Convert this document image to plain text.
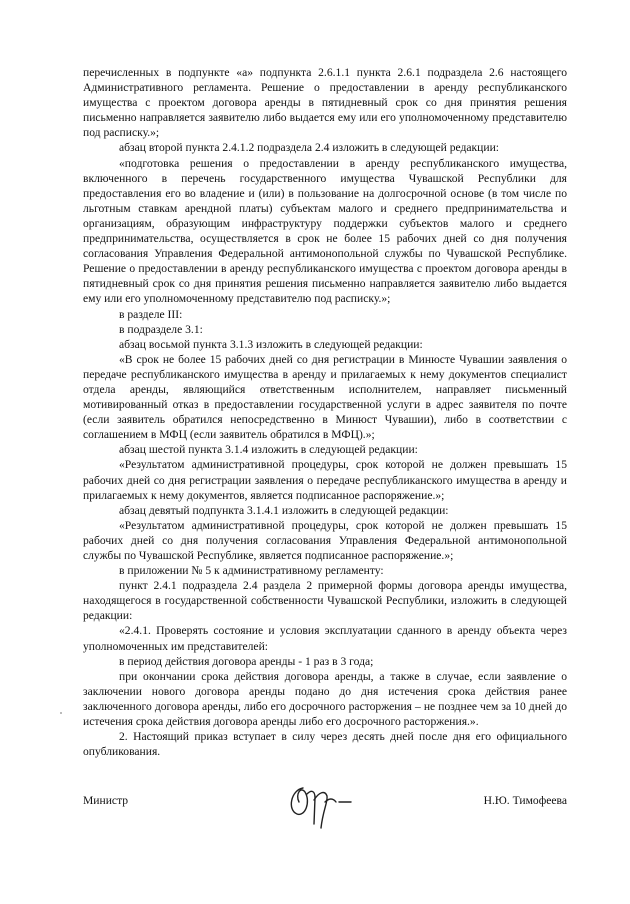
перечисленных в подпункте «а» подпункта 2.6.1.1 пункта 2.6.1 подраздела 2.6 настоящего Административного регламента. Решение о предоставлении в аренду республиканского имущества с проектом договора аренды в пятидневный срок со дня принятия решения письменно направляется заявителю либо выдается ему или его уполномоченному представителю под расписку.»;

абзац второй пункта 2.4.1.2 подраздела 2.4 изложить в следующей редакции:

«подготовка решения о предоставлении в аренду республиканского имущества, включенного в перечень государственного имущества Чувашской Республики для предоставления его во владение и (или) в пользование на долгосрочной основе (в том числе по льготным ставкам арендной платы) субъектам малого и среднего предпринимательства и организациям, образующим инфраструктуру поддержки субъектов малого и среднего предпринимательства, осуществляется в срок не более 15 рабочих дней со дня получения согласования Управления Федеральной антимонопольной службы по Чувашской Республике. Решение о предоставлении в аренду республиканского имущества с проектом договора аренды в пятидневный срок со дня принятия решения письменно направляется заявителю либо выдается ему или его уполномоченному представителю под расписку.»;

в разделе III:

в подразделе 3.1:

абзац восьмой пункта 3.1.3 изложить в следующей редакции:

«В срок не более 15 рабочих дней со дня регистрации в Минюсте Чувашии заявления о передаче республиканского имущества в аренду и прилагаемых к нему документов специалист отдела аренды, являющийся ответственным исполнителем, направляет письменный мотивированный отказ в предоставлении государственной услуги в адрес заявителя по почте (если заявитель обратился непосредственно в Минюст Чувашии), либо в соответствии с соглашением в МФЦ (если заявитель обратился в МФЦ).»;

абзац шестой пункта 3.1.4 изложить в следующей редакции:

«Результатом административной процедуры, срок которой не должен превышать 15 рабочих дней со дня регистрации заявления о передаче республиканского имущества в аренду и прилагаемых к нему документов, является подписанное распоряжение.»;

абзац девятый подпункта 3.1.4.1 изложить в следующей редакции:

«Результатом административной процедуры, срок которой не должен превышать 15 рабочих дней со дня получения согласования Управления Федеральной антимонопольной службы по Чувашской Республике, является подписанное распоряжение.»;

в приложении № 5 к административному регламенту:

пункт 2.4.1 подраздела 2.4 раздела 2 примерной формы договора аренды имущества, находящегося в государственной собственности Чувашской Республики, изложить в следующей редакции:

«2.4.1. Проверять состояние и условия эксплуатации сданного в аренду объекта через уполномоченных им представителей:

в период действия договора аренды - 1 раз в 3 года;

при окончании срока действия договора аренды, а также в случае, если заявление о заключении нового договора аренды подано до дня истечения срока действия ранее заключенного договора аренды, либо его досрочного расторжения – не позднее чем за 10 дней до истечения срока действия договора аренды либо его досрочного расторжения.».

2. Настоящий приказ вступает в силу через десять дней после дня его официального опубликования.

Министр	Н.Ю. Тимофеева
